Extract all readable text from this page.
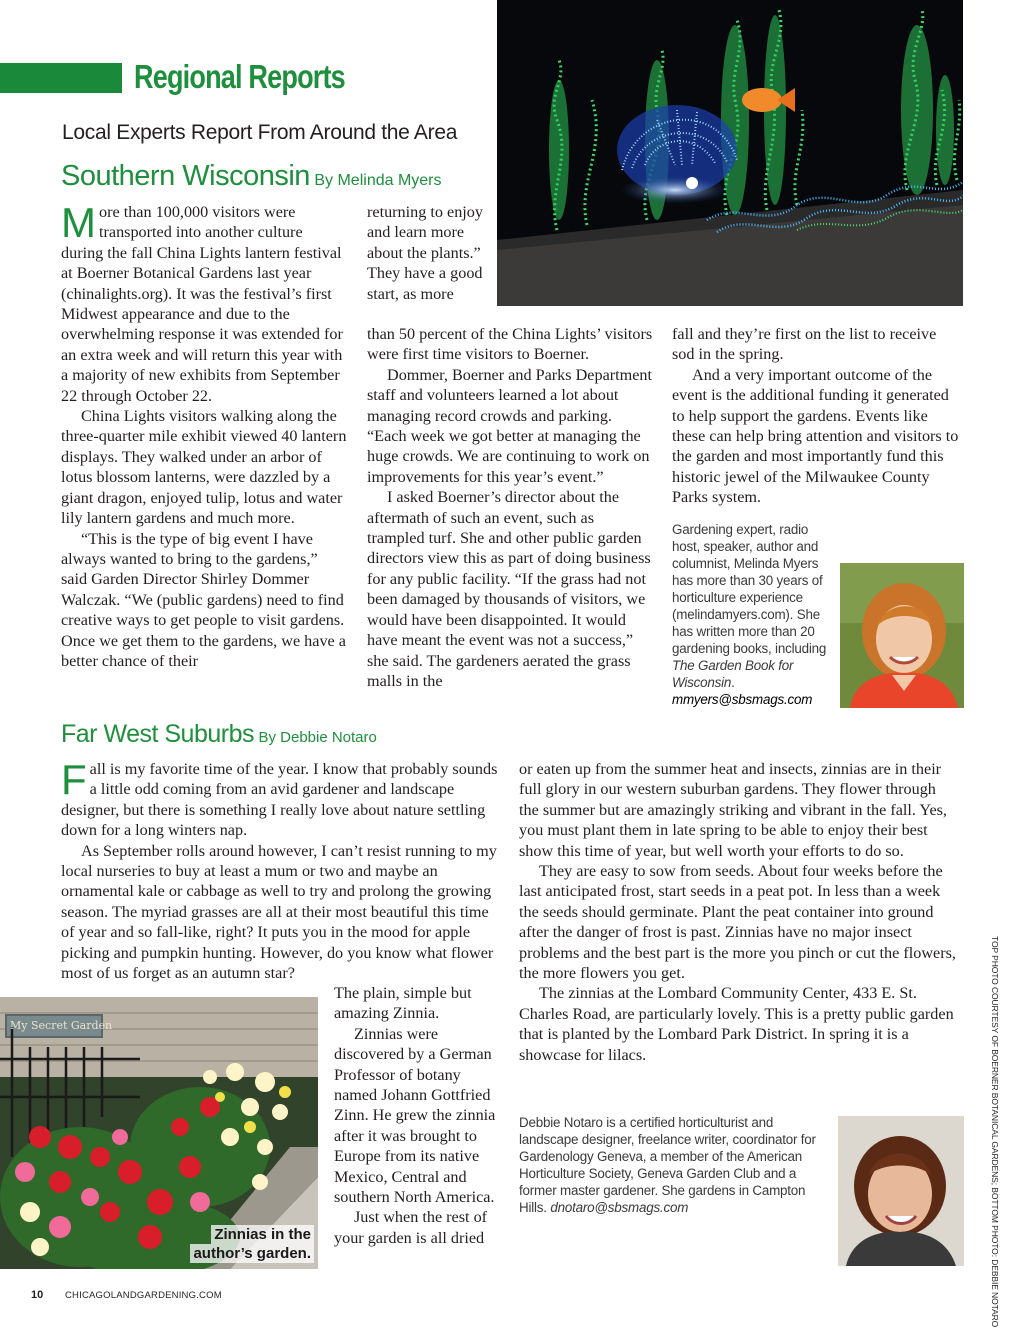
Regional Reports
Local Experts Report From Around the Area
Southern Wisconsin By Melinda Myers

More than 100,000 visitors were transported into another culture during the fall China Lights lantern festival at Boerner Botanical Gardens last year (chinalights.org). It was the festival’s first Midwest appearance and due to the overwhelming response it was extended for an extra week and will return this year with a majority of new exhibits from September 22 through October 22.

China Lights visitors walking along the three-quarter mile exhibit viewed 40 lantern displays. They walked under an arbor of lotus blossom lanterns, were dazzled by a giant dragon, enjoyed tulip, lotus and water lily lantern gardens and much more.

“This is the type of big event I have always wanted to bring to the gardens,” said Garden Director Shirley Dommer Walczak. “We (public gardens) need to find creative ways to get people to visit gardens. Once we get them to the gardens, we have a better chance of their

returning to enjoy and learn more about the plants.” They have a good start, as more

than 50 percent of the China Lights’ visitors were first time visitors to Boerner.

Dommer, Boerner and Parks Department staff and volunteers learned a lot about managing record crowds and parking. “Each week we got better at managing the huge crowds. We are continuing to work on improvements for this year’s event.”

I asked Boerner’s director about the aftermath of such an event, such as trampled turf. She and other public garden directors view this as part of doing business for any public facility. “If the grass had not been damaged by thousands of visitors, we would have been disappointed. It would have meant the event was not a success,” she said. The gardeners aerated the grass malls in the

fall and they’re first on the list to receive sod in the spring.

And a very important outcome of the event is the additional funding it generated to help support the gardens. Events like these can help bring attention and visitors to the garden and most importantly fund this historic jewel of the Milwaukee County Parks system.

Gardening expert, radio host, speaker, author and columnist, Melinda Myers has more than 30 years of horticulture experience (melindamyers.com). She has written more than 20 gardening books, including The Garden Book for Wisconsin.
mmyers@sbsmags.com
Far West Suburbs By Debbie Notaro

Fall is my favorite time of the year. I know that probably sounds a little odd coming from an avid gardener and landscape designer, but there is something I really love about nature settling down for a long winters nap.

As September rolls around however, I can’t resist running to my local nurseries to buy at least a mum or two and maybe an ornamental kale or cabbage as well to try and prolong the growing season. The myriad grasses are all at their most beautiful this time of year and so fall-like, right? It puts you in the mood for apple picking and pumpkin hunting. However, do you know what flower most of us forget as an autumn star?

The plain, simple but amazing Zinnia.

Zinnias were discovered by a German Professor of botany named Johann Gottfried Zinn. He grew the zinnia after it was brought to Europe from its native Mexico, Central and southern North America.

Just when the rest of your garden is all dried

My Secret Garden
Zinnias in the
author’s garden.

or eaten up from the summer heat and insects, zinnias are in their full glory in our western suburban gardens. They flower through the summer but are amazingly striking and vibrant in the fall. Yes, you must plant them in late spring to be able to enjoy their best show this time of year, but well worth your efforts to do so.

They are easy to sow from seeds. About four weeks before the last anticipated frost, start seeds in a peat pot. In less than a week the seeds should germinate. Plant the peat container into ground after the danger of frost is past. Zinnias have no major insect problems and the best part is the more you pinch or cut the flowers, the more flowers you get.

The zinnias at the Lombard Community Center, 433 E. St. Charles Road, are particularly lovely. This is a pretty public garden that is planted by the Lombard Park District. In spring it is a showcase for lilacs.

Debbie Notaro is a certified horticulturist and landscape designer, freelance writer, coordinator for Gardenology Geneva, a member of the American Horticulture Society, Geneva Garden Club and a former master gardener. She gardens in Campton Hills. dnotaro@sbsmags.com	TOP PHOTO COURTESY OF BOERNER BOTANICAL GARDENS; BOTTOM PHOTO: DEBBIE NOTARO
10 CHICAGOLANDGARDENING.COM
